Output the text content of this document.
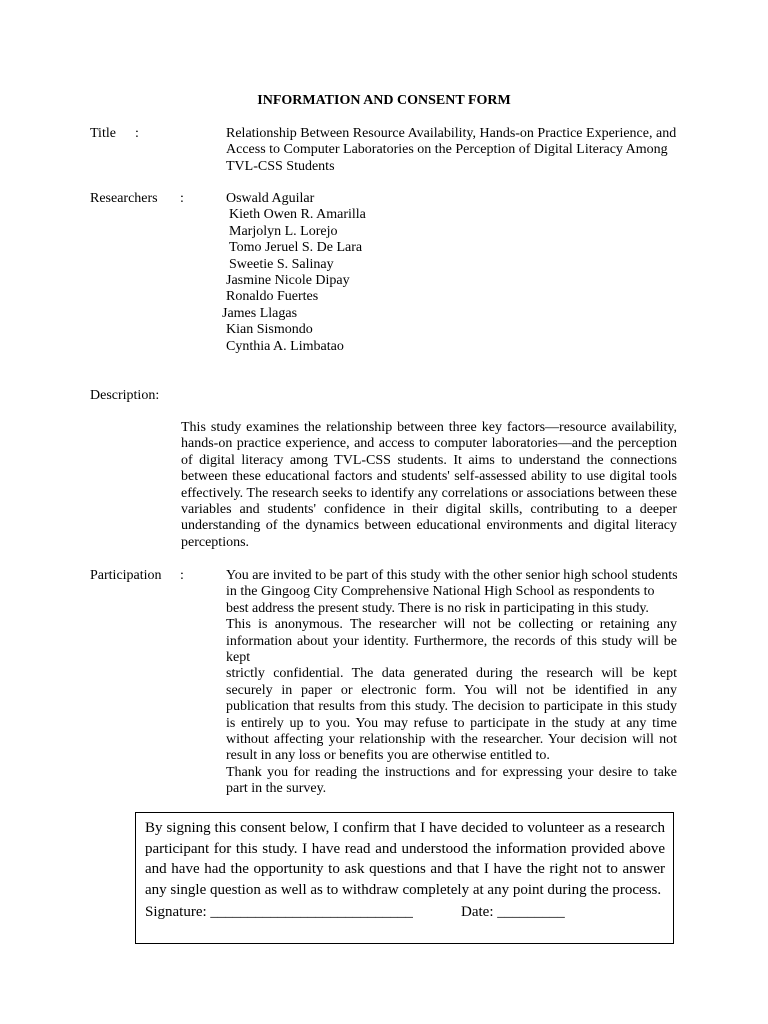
INFORMATION AND CONSENT FORM
Title :	Relationship Between Resource Availability, Hands-on Practice Experience, and
Access to Computer Laboratories on the Perception of Digital Literacy Among
TVL-CSS Students
Researchers :	Oswald Aguilar
Kieth Owen R. Amarilla
Marjolyn L. Lorejo
Tomo Jeruel S. De Lara
Sweetie S. Salinay
Jasmine Nicole Dipay
Ronaldo Fuertes
James Llagas
Kian Sismondo
Cynthia A. Limbatao
Description:
This study examines the relationship between three key factors—resource availability, hands-on practice experience, and access to computer laboratories—and the perception of digital literacy among TVL-CSS students. It aims to understand the connections between these educational factors and students' self-assessed ability to use digital tools effectively. The research seeks to identify any correlations or associations between these variables and students' confidence in their digital skills, contributing to a deeper understanding of the dynamics between educational environments and digital literacy perceptions.
Participation :	You are invited to be part of this study with the other senior high school students
in the Gingoog City Comprehensive National High School as respondents to
best address the present study. There is no risk in participating in this study.
This is anonymous. The researcher will not be collecting or retaining any information about your identity. Furthermore, the records of this study will be kept
strictly confidential. The data generated during the research will be kept securely in paper or electronic form. You will not be identified in any publication that results from this study. The decision to participate in this study is entirely up to you. You may refuse to participate in the study at any time without affecting your relationship with the researcher. Your decision will not result in any loss or benefits you are otherwise entitled to.
Thank you for reading the instructions and for expressing your desire to take part in the survey.
By signing this consent below, I confirm that I have decided to volunteer as a research participant for this study. I have read and understood the information provided above and have had the opportunity to ask questions and that I have the right not to answer any single question as well as to withdraw completely at any point during the process.
Signature: ___________________________	Date: _________
